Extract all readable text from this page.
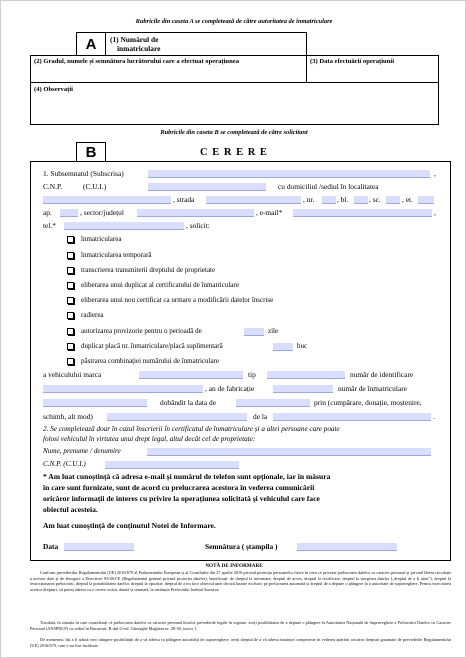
Rubricile din caseta A se completează de către autoritatea de înmatriculare
A	(1) Numărul de
înmatriculare
(2) Gradul, numele și semnătura lucrătorului care a efectuat operațiunea	(3) Data efectuării operațiunii
(4) Observații
Rubricile din caseta B se completează de către solicitant
B	C E R E R E
1. Subsemnatul (Subscrisa)	,
C.N.P.	(C.U.I.)	cu domiciliul /sediul în localitatea
, strada	, nr.	, bl.	, sc.	, et.
ap.	, sector/județul	, e-mail*	,
tel.*	, solicit:
înmatricularea
înmatricularea temporară
transcrierea transmiterii dreptului de proprietate
eliberarea unui duplicat al certificatului de înmatriculare
eliberarea unui nou certificat ca urmare a modificării datelor înscrise
radierea
autorizarea provizorie pentru o perioadă de	zile
duplicat placă nr. înmatriculare/placă suplimentară	buc
păstrarea combinației numărului de înmatriculare
a vehiculului marca	tip	număr de identificare
, an de fabricație	număr de înmatriculare
dobândit la data de	prin (cumpărare, donație, moștenire,
schimb, alt mod)	de la	.
2. Se completează doar în cazul înscrierii în certificatul de înmatriculare și a altei persoane care poate
folosi vehiculul în virtutea unui drept legal, altul decât cel de proprietate:
Nume, prenume / denumire
C.N.P. (C.U.I.)
* Am luat cunoștință că adresa e-mail și numărul de telefon sunt opționale, iar în măsura
în care sunt furnizate, sunt de acord cu prelucrarea acestora în vederea comunicării
oricăror informații de interes cu privire la operațiunea solicitată și vehiculul care face
obiectul acesteia.
Am luat cunoștință de conținutul Notei de Informare.
Data	Semnătura ( ștampila )
NOTĂ DE INFORMARE
Conform prevederilor Regulamentului (UE) 2016/679 al Parlamentului European și al Consiliului din 27 aprilie 2016 privind protecția persoanelor fizice în ceea ce privește prelucrarea datelor cu caracter personal și privind libera circulație a acestor date și de abrogare a Directivei 95/46/CE (Regulamentul general privind protecția datelor), beneficiați: de dreptul la informare, dreptul de acces, dreptul la rectificare, dreptul la ștergerea datelor („dreptul de a fi uitat”), dreptul la restricționarea prelucrării, dreptul la portabilitatea datelor, dreptul la opoziție, dreptul de a nu face obiectul unei decizii bazate exclusiv pe prelucrarea automată și dreptul de a depune o plângere la o autoritate de supraveghere. Pentru exercitarea acestor drepturi, vă puteți adresa cu o cerere scrisă, datată și semnată, la instituția Prefectului Județul Suceava.
Totodată, în situația în care considerați că prelucrarea datelor cu caracter personal încalcă prevederile legale în vigoare, aveți posibilitatea de a depune o plângere la Autoritatea Națională de Supraveghere a Prelucrării Datelor cu Caracter Personal (ANSPDCP) cu sediul în București, B-dul G-ral. Gheorghe Magheru nr. 28-30, sector 1.
De asemenea, fiți a fi adusă vreo atingere posibilității de a vă adresa cu plângere autorității de supraveghere, aveți dreptul de a vă adresa instanței competente în vederea apărării oricăror drepturi garantate de prevederile Regulamentului (UE) 2016/679, care v-au fost încălcate.
